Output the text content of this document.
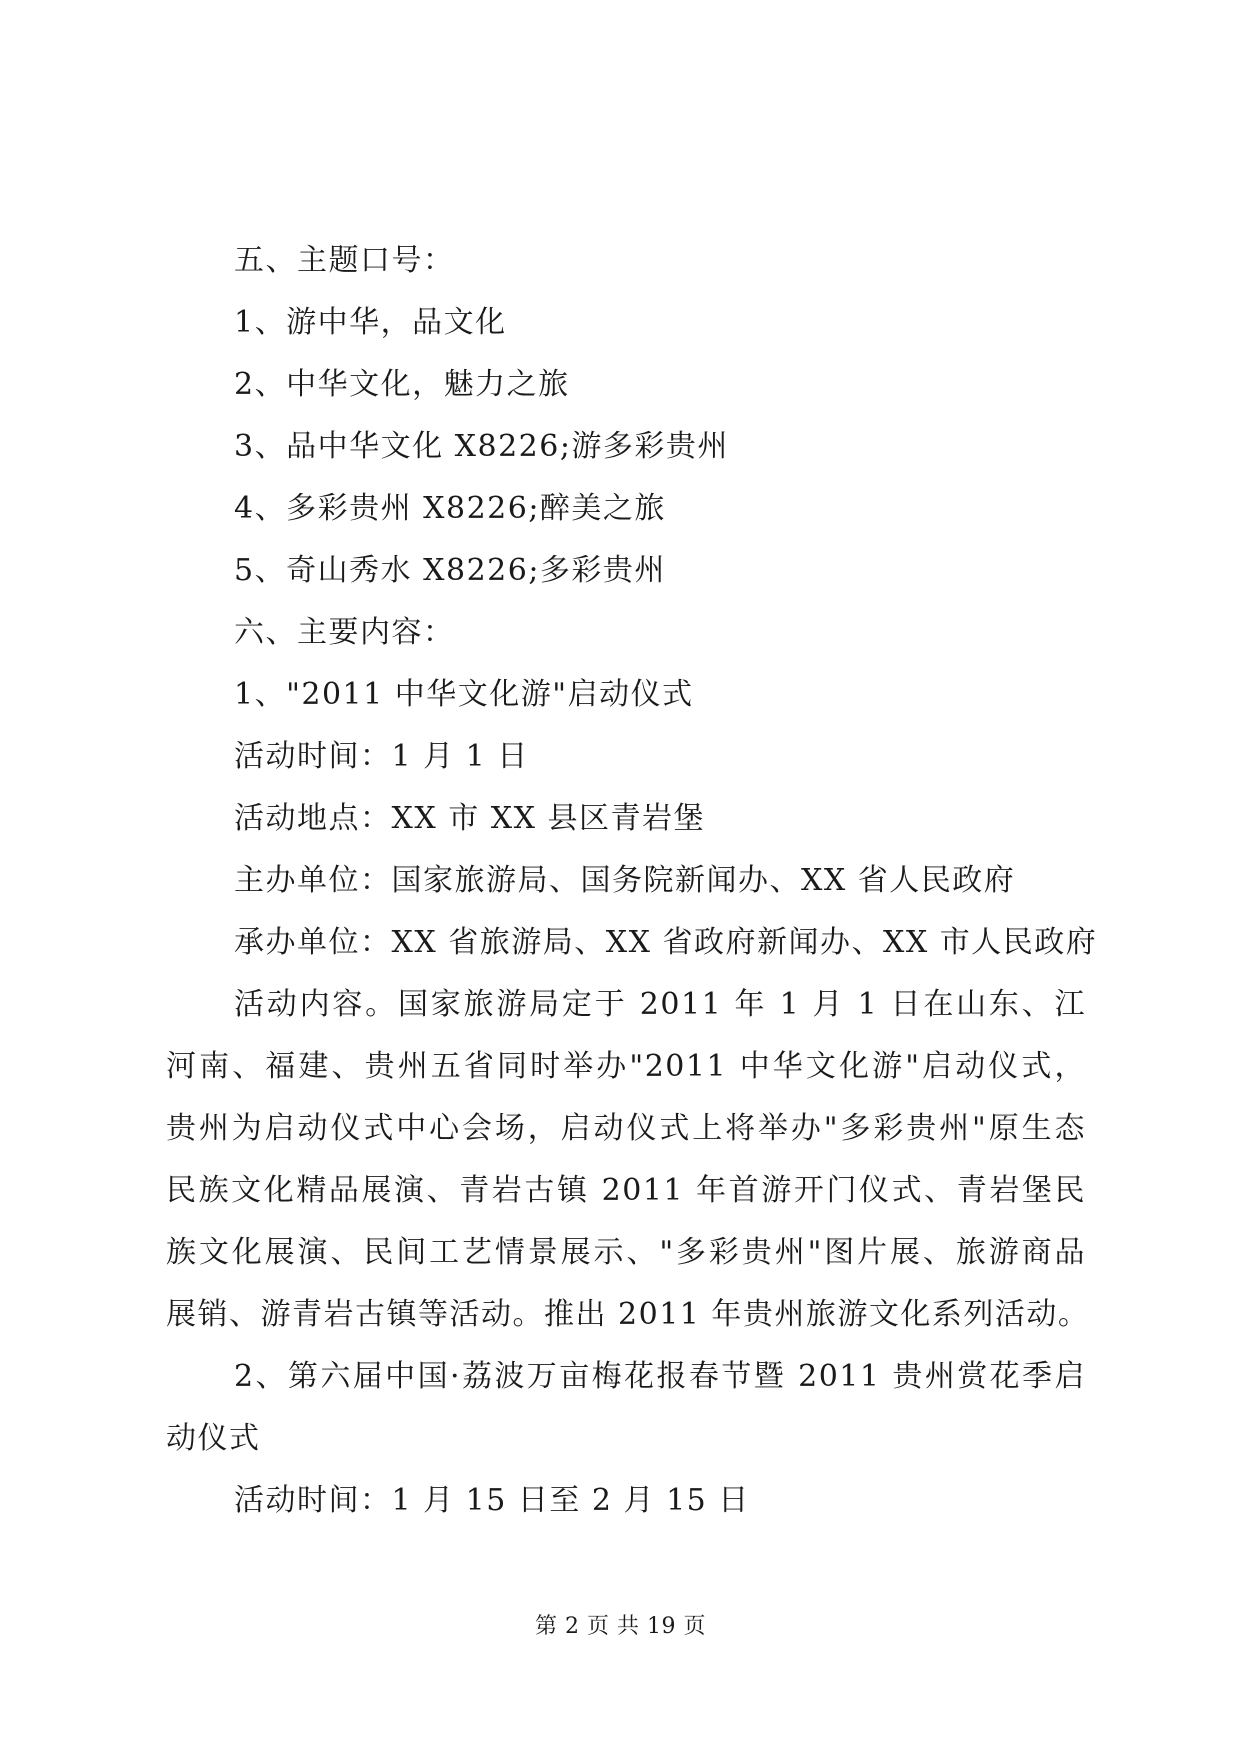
五、主题口号：
1、游中华，品文化
2、中华文化，魅力之旅
3、品中华文化 X8226;游多彩贵州
4、多彩贵州 X8226;醉美之旅
5、奇山秀水 X8226;多彩贵州
六、主要内容：
1、"2011 中华文化游"启动仪式
活动时间：1 月 1 日
活动地点：XX 市 XX 县区青岩堡
主办单位：国家旅游局、国务院新闻办、XX 省人民政府
承办单位：XX 省旅游局、XX 省政府新闻办、XX 市人民政府
活动内容。国家旅游局定于 2011 年 1 月 1 日在山东、江
河南、福建、贵州五省同时举办"2011 中华文化游"启动仪式，
贵州为启动仪式中心会场，启动仪式上将举办"多彩贵州"原生态
民族文化精品展演、青岩古镇 2011 年首游开门仪式、青岩堡民
族文化展演、民间工艺情景展示、"多彩贵州"图片展、旅游商品
展销、游青岩古镇等活动。推出 2011 年贵州旅游文化系列活动。
2、第六届中国·荔波万亩梅花报春节暨 2011 贵州赏花季启
动仪式
活动时间：1 月 15 日至 2 月 15 日
第 2 页 共 19 页
